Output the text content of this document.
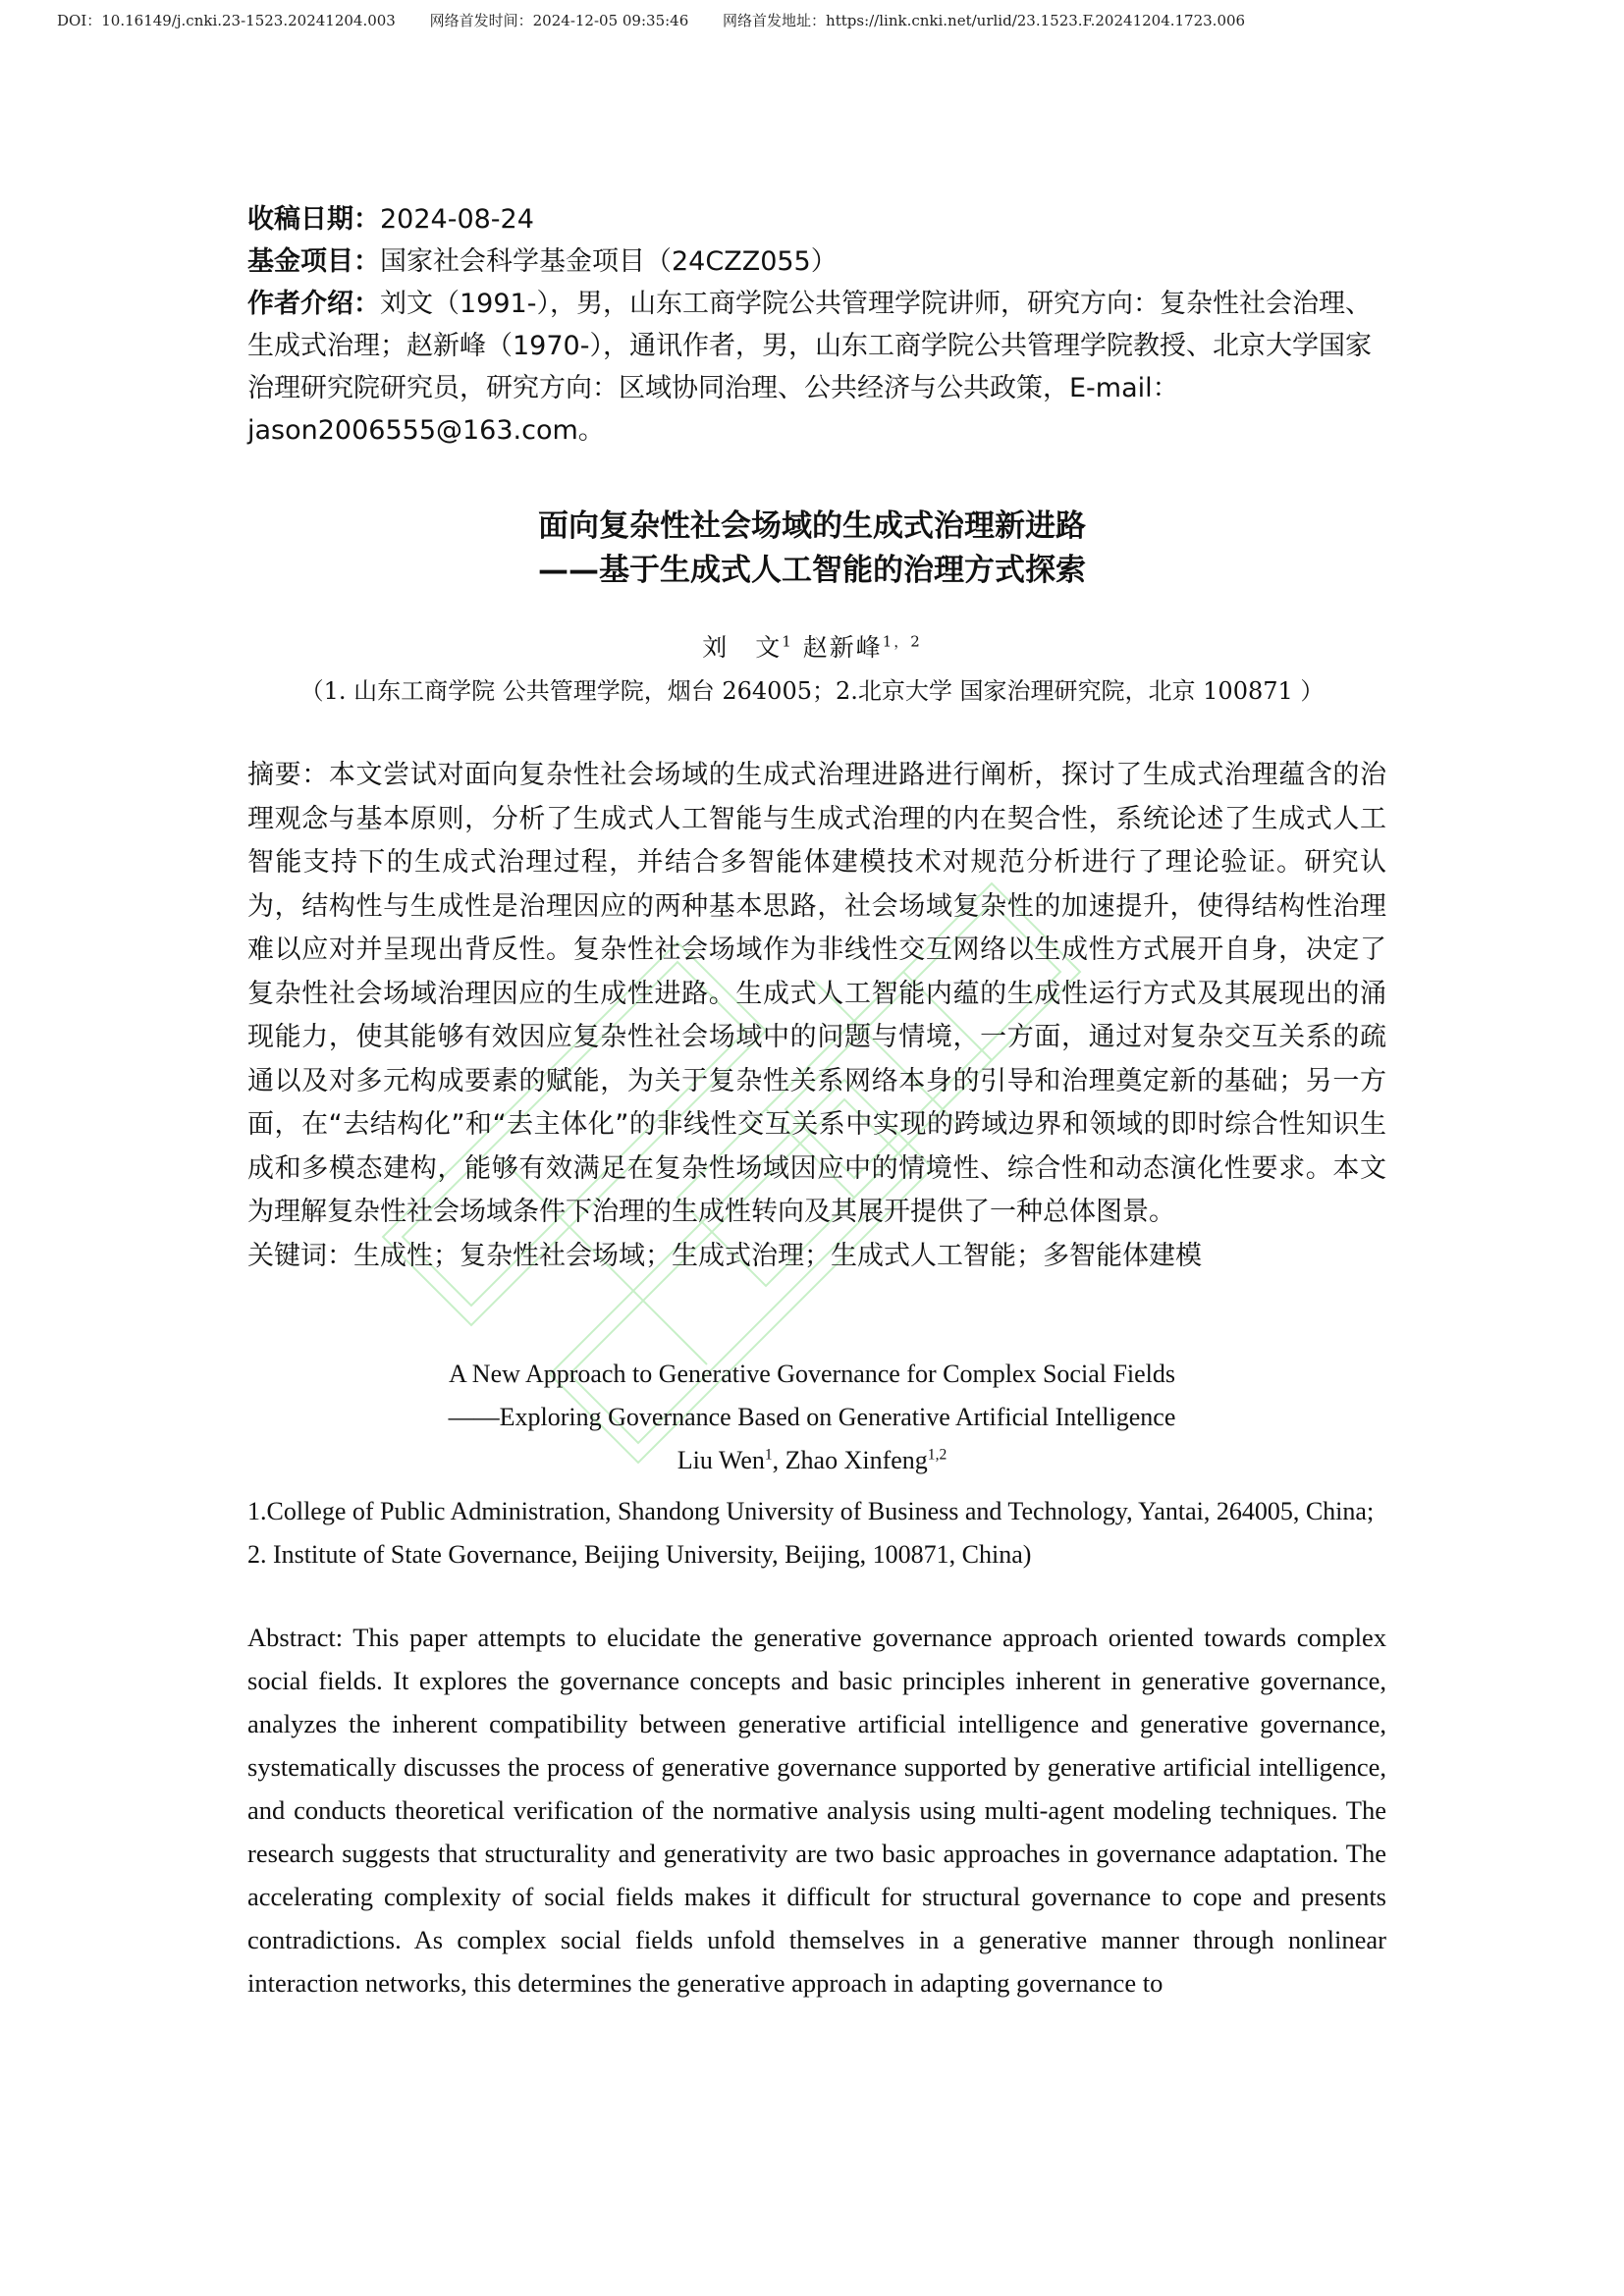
DOI：10.16149/j.cnki.23-1523.20241204.003 网络首发时间：2024-12-05 09:35:46 网络首发地址：https://link.cnki.net/urlid/23.1523.F.20241204.1723.006

收稿日期：2024-08-24

基金项目：国家社会科学基金项目（24CZZ055）

作者介绍：刘文（1991-），男，山东工商学院公共管理学院讲师，研究方向：复杂性社会治理、生成式治理；赵新峰（1970-），通讯作者，男，山东工商学院公共管理学院教授、北京大学国家治理研究院研究员，研究方向：区域协同治理、公共经济与公共政策，E-mail：jason2006555@163.com。

面向复杂性社会场域的生成式治理新进路
——基于生成式人工智能的治理方式探索
刘　文$^1$ 赵新峰$^{1,2}$
（1. 山东工商学院 公共管理学院，烟台 264005；2.北京大学 国家治理研究院，北京 100871 ）

摘要：本文尝试对面向复杂性社会场域的生成式治理进路进行阐析，探讨了生成式治理蕴含的治理观念与基本原则，分析了生成式人工智能与生成式治理的内在契合性，系统论述了生成式人工智能支持下的生成式治理过程，并结合多智能体建模技术对规范分析进行了理论验证。研究认为，结构性与生成性是治理因应的两种基本思路，社会场域复杂性的加速提升，使得结构性治理难以应对并呈现出背反性。复杂性社会场域作为非线性交互网络以生成性方式展开自身，决定了复杂性社会场域治理因应的生成性进路。生成式人工智能内蕴的生成性运行方式及其展现出的涌现能力，使其能够有效因应复杂性社会场域中的问题与情境，一方面，通过对复杂交互关系的疏通以及对多元构成要素的赋能，为关于复杂性关系网络本身的引导和治理奠定新的基础；另一方面，在“去结构化”和“去主体化”的非线性交互关系中实现的跨域边界和领域的即时综合性知识生成和多模态建构，能够有效满足在复杂性场域因应中的情境性、综合性和动态演化性要求。本文为理解复杂性社会场域条件下治理的生成性转向及其展开提供了一种总体图景。

关键词：生成性；复杂性社会场域；生成式治理；生成式人工智能；多智能体建模

A New Approach to Generative Governance for Complex Social Fields
——Exploring Governance Based on Generative Artificial Intelligence
Liu Wen$^1$, Zhao Xinfeng$^{1,2}$
1.College of Public Administration, Shandong University of Business and Technology, Yantai, 264005, China; 2. Institute of State Governance, Beijing University, Beijing, 100871, China)

Abstract: This paper attempts to elucidate the generative governance approach oriented towards complex social fields. It explores the governance concepts and basic principles inherent in generative governance, analyzes the inherent compatibility between generative artificial intelligence and generative governance, systematically discusses the process of generative governance supported by generative artificial intelligence, and conducts theoretical verification of the normative analysis using multi-agent modeling techniques. The research suggests that structurality and generativity are two basic approaches in governance adaptation. The accelerating complexity of social fields makes it difficult for structural governance to cope and presents contradictions. As complex social fields unfold themselves in a generative manner through nonlinear interaction networks, this determines the generative approach in adapting governance to
